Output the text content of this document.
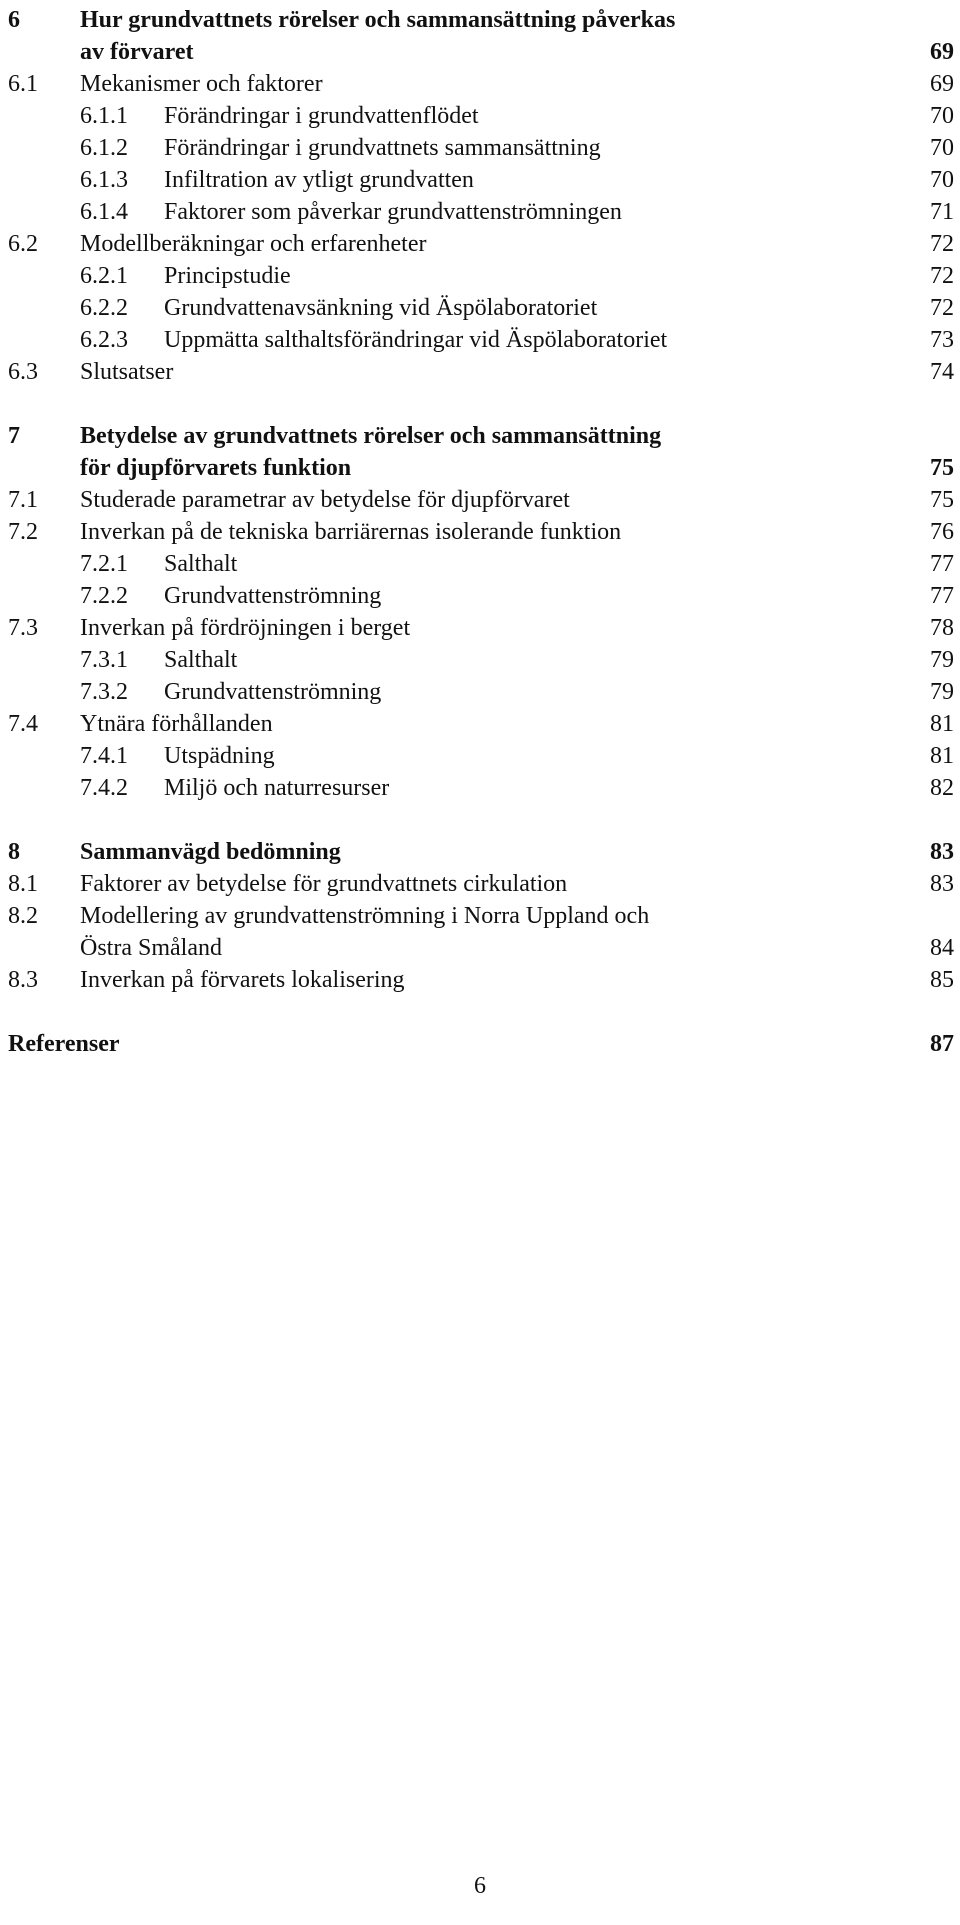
6	Hur grundvattnets rörelser och sammansättning påverkas
av förvaret	69
6.1 Mekanismer och faktorer	69
6.1.1 Förändringar i grundvattenflödet	70
6.1.2 Förändringar i grundvattnets sammansättning	70
6.1.3 Infiltration av ytligt grundvatten	70
6.1.4 Faktorer som påverkar grundvattenströmningen	71
6.2 Modellberäkningar och erfarenheter	72
6.2.1 Principstudie	72
6.2.2 Grundvattenavsänkning vid Äspölaboratoriet	72
6.2.3 Uppmätta salthaltsförändringar vid Äspölaboratoriet	73
6.3 Slutsatser	74
7	Betydelse av grundvattnets rörelser och sammansättning
för djupförvarets funktion	75
7.1 Studerade parametrar av betydelse för djupförvaret	75
7.2 Inverkan på de tekniska barriärernas isolerande funktion	76
7.2.1 Salthalt	77
7.2.2 Grundvattenströmning	77
7.3 Inverkan på fördröjningen i berget	78
7.3.1 Salthalt	79
7.3.2 Grundvattenströmning	79
7.4 Ytnära förhållanden	81
7.4.1 Utspädning	81
7.4.2 Miljö och naturresurser	82
8	Sammanvägd bedömning	83
8.1 Faktorer av betydelse för grundvattnets cirkulation	83
8.2 Modellering av grundvattenströmning i Norra Uppland och
Östra Småland	84
8.3 Inverkan på förvarets lokalisering	85
Referenser	87
6
